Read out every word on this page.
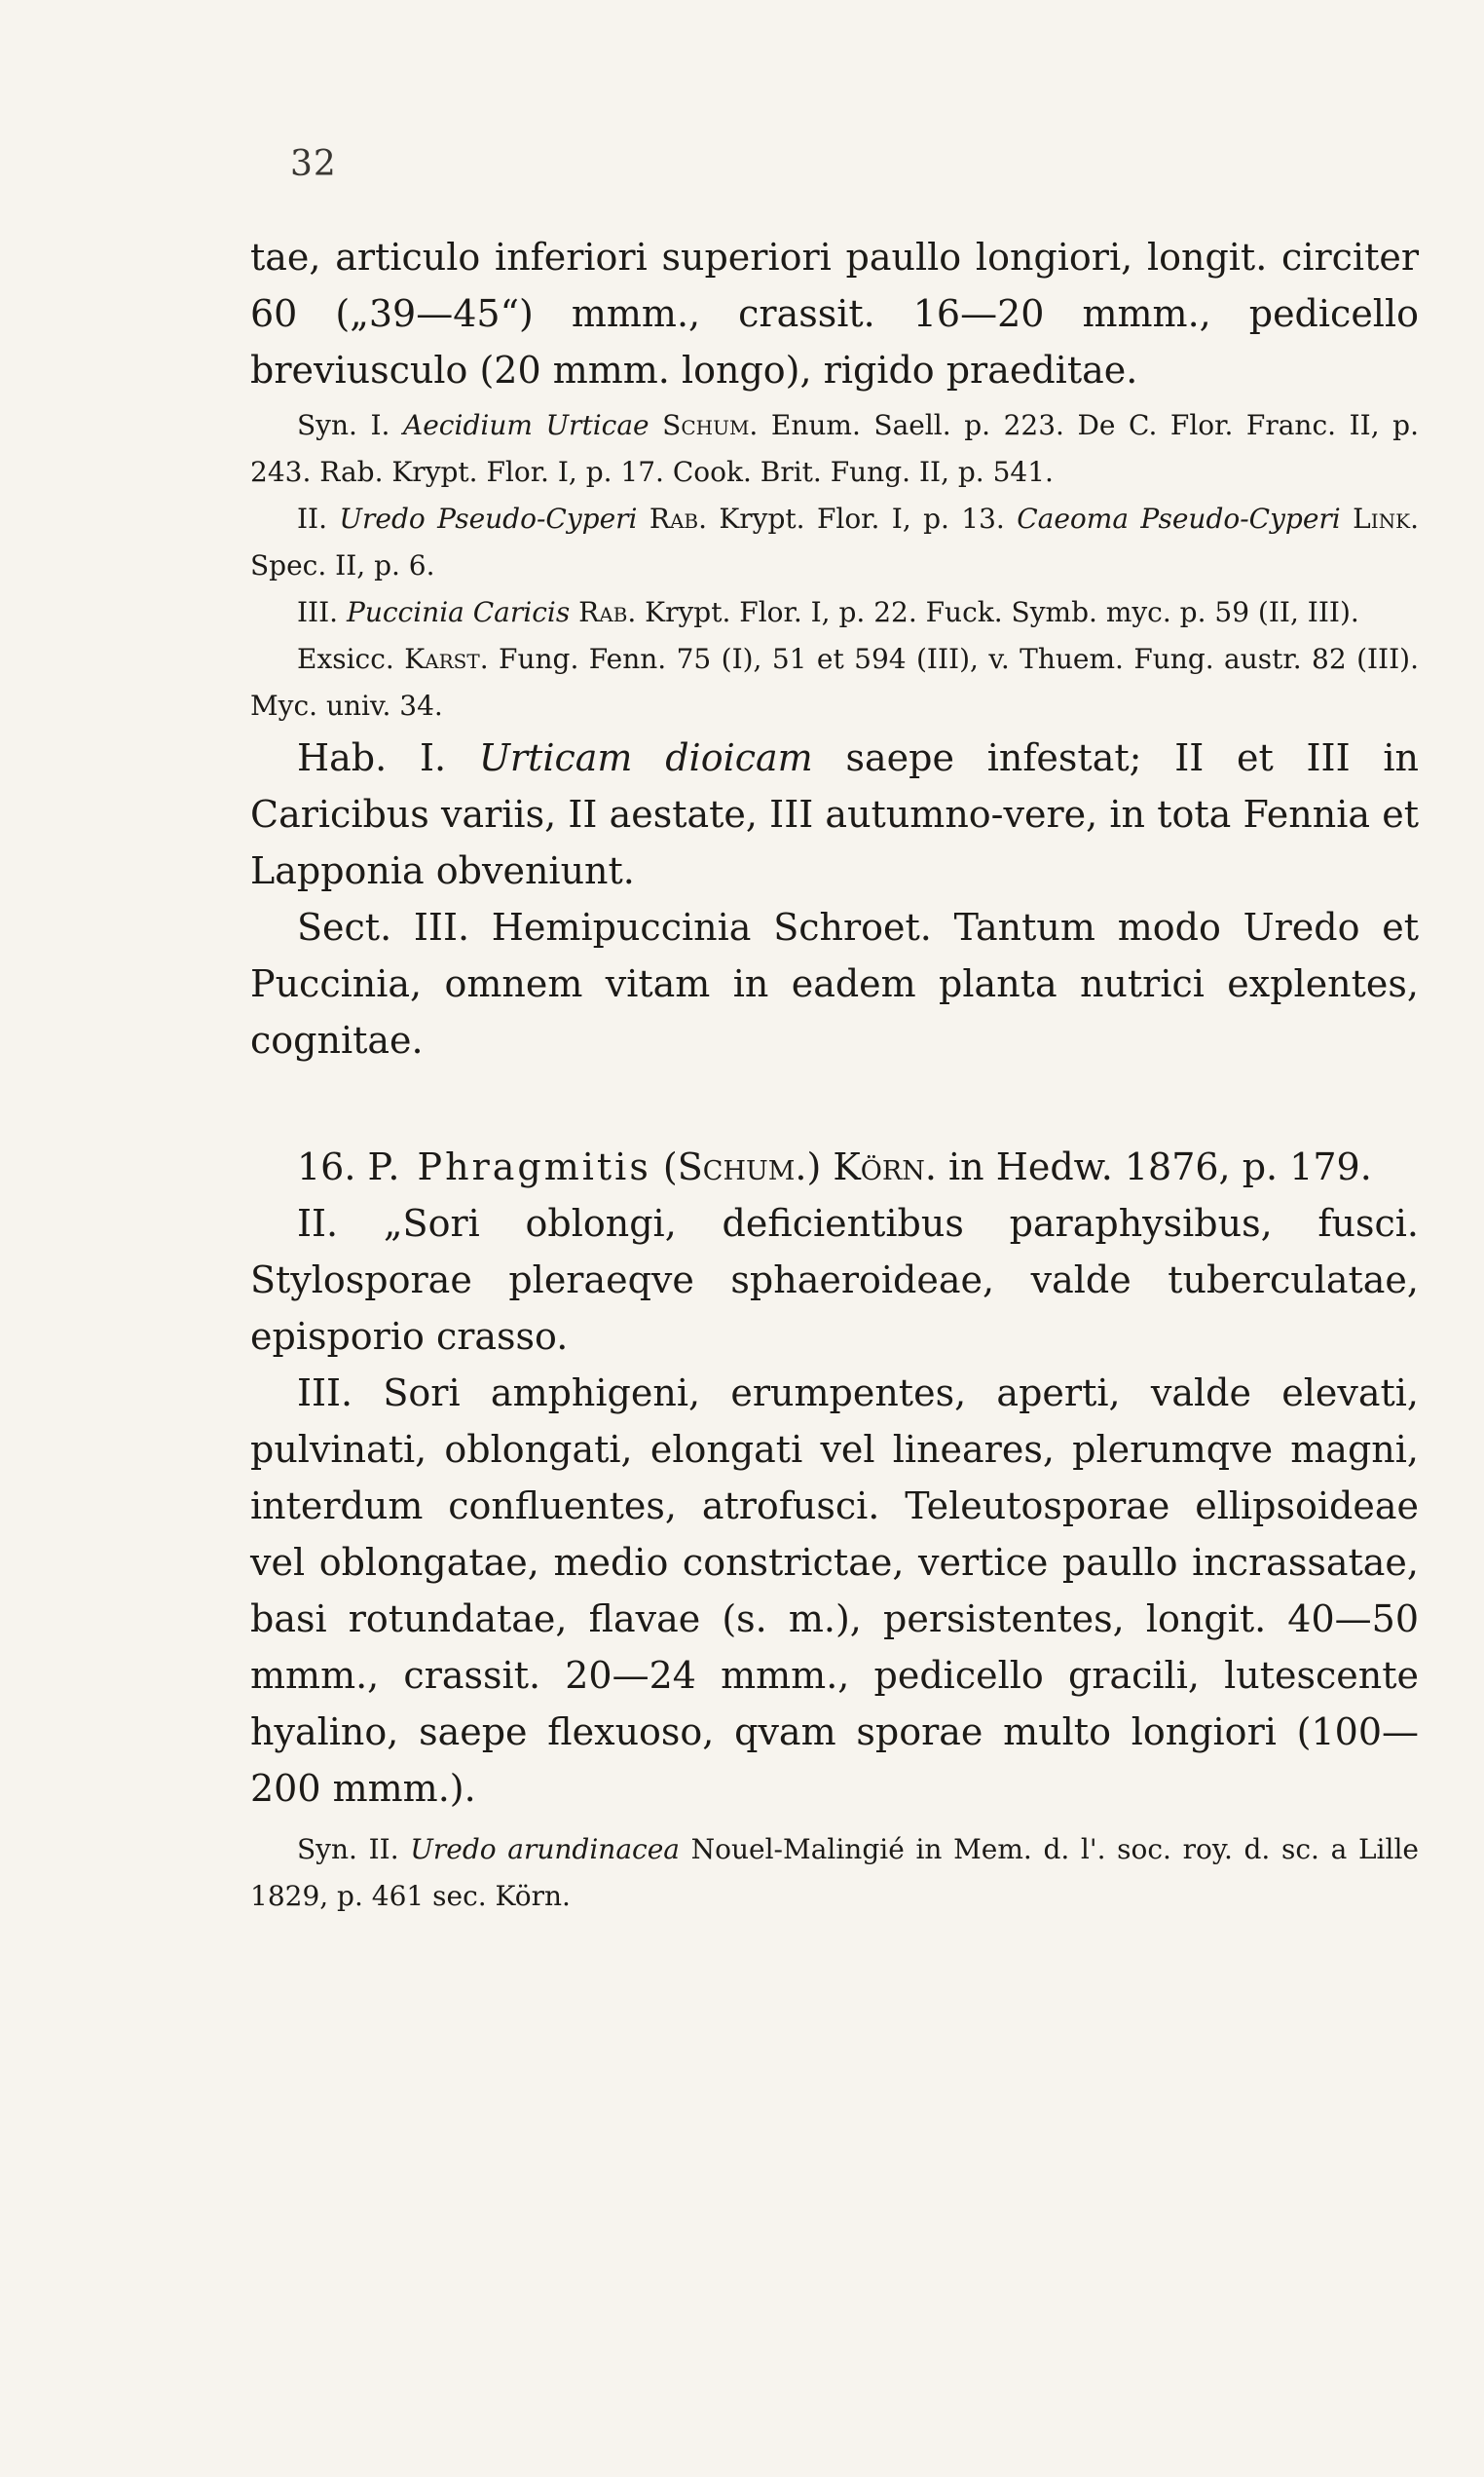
32

tae, articulo inferiori superiori paullo longiori, longit. circiter 60 („39—45“) mmm., crassit. 16—20 mmm., pedicello breviusculo (20 mmm. longo), rigido praeditae.

Syn. I. Aecidium Urticae Schum. Enum. Saell. p. 223. De C. Flor. Franc. II, p. 243. Rab. Krypt. Flor. I, p. 17. Cook. Brit. Fung. II, p. 541.

II. Uredo Pseudo-Cyperi Rab. Krypt. Flor. I, p. 13. Caeoma Pseudo-Cyperi Link. Spec. II, p. 6.

III. Puccinia Caricis Rab. Krypt. Flor. I, p. 22. Fuck. Symb. myc. p. 59 (II, III).

Exsicc. Karst. Fung. Fenn. 75 (I), 51 et 594 (III), v. Thuem. Fung. austr. 82 (III). Myc. univ. 34.

Hab. I. Urticam dioicam saepe infestat; II et III in Caricibus variis, II aestate, III autumno-vere, in tota Fennia et Lapponia obveniunt.

Sect. III. Hemipuccinia Schroet. Tantum modo Uredo et Puccinia, omnem vitam in eadem planta nutrici explentes, cognitae.

16. P. Phragmitis (Schum.) Körn. in Hedw. 1876, p. 179.

II. „Sori oblongi, deficientibus paraphysibus, fusci. Stylosporae pleraeqve sphaeroideae, valde tuberculatae, episporio crasso.

III. Sori amphigeni, erumpentes, aperti, valde elevati, pulvinati, oblongati, elongati vel lineares, plerumqve magni, interdum confluentes, atrofusci. Teleutosporae ellipsoideae vel oblongatae, medio constrictae, vertice paullo incrassatae, basi rotundatae, flavae (s. m.), persistentes, longit. 40—50 mmm., crassit. 20—24 mmm., pedicello gracili, lutescente hyalino, saepe flexuoso, qvam sporae multo longiori (100—200 mmm.).

Syn. II. Uredo arundinacea Nouel-Malingié in Mem. d. l'. soc. roy. d. sc. a Lille 1829, p. 461 sec. Körn.
